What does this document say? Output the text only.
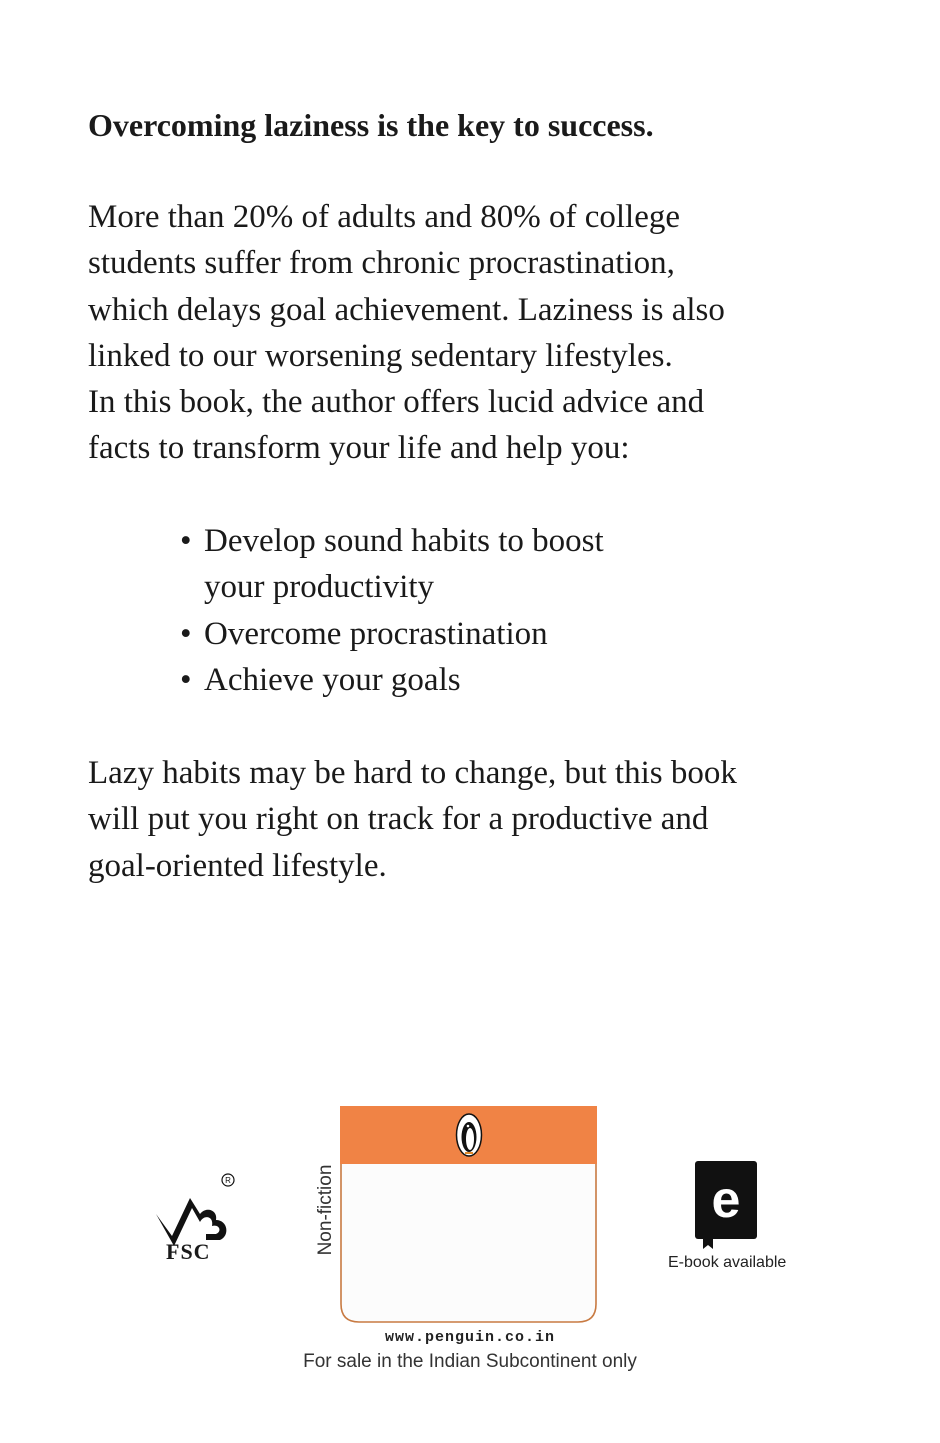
Overcoming laziness is the key to success.

More than 20% of adults and 80% of college
students suffer from chronic procrastination,
which delays goal achievement. Laziness is also
linked to our worsening sedentary lifestyles.
In this book, the author offers lucid advice and
facts to transform your life and help you:
• Develop sound habits to boost
your productivity
• Overcome procrastination
• Achieve your goals
Lazy habits may be hard to change, but this book
will put you right on track for a productive and
goal-oriented lifestyle.
R
FSC	Non-fiction	e
E-book available
www.penguin.co.in
For sale in the Indian Subcontinent only
